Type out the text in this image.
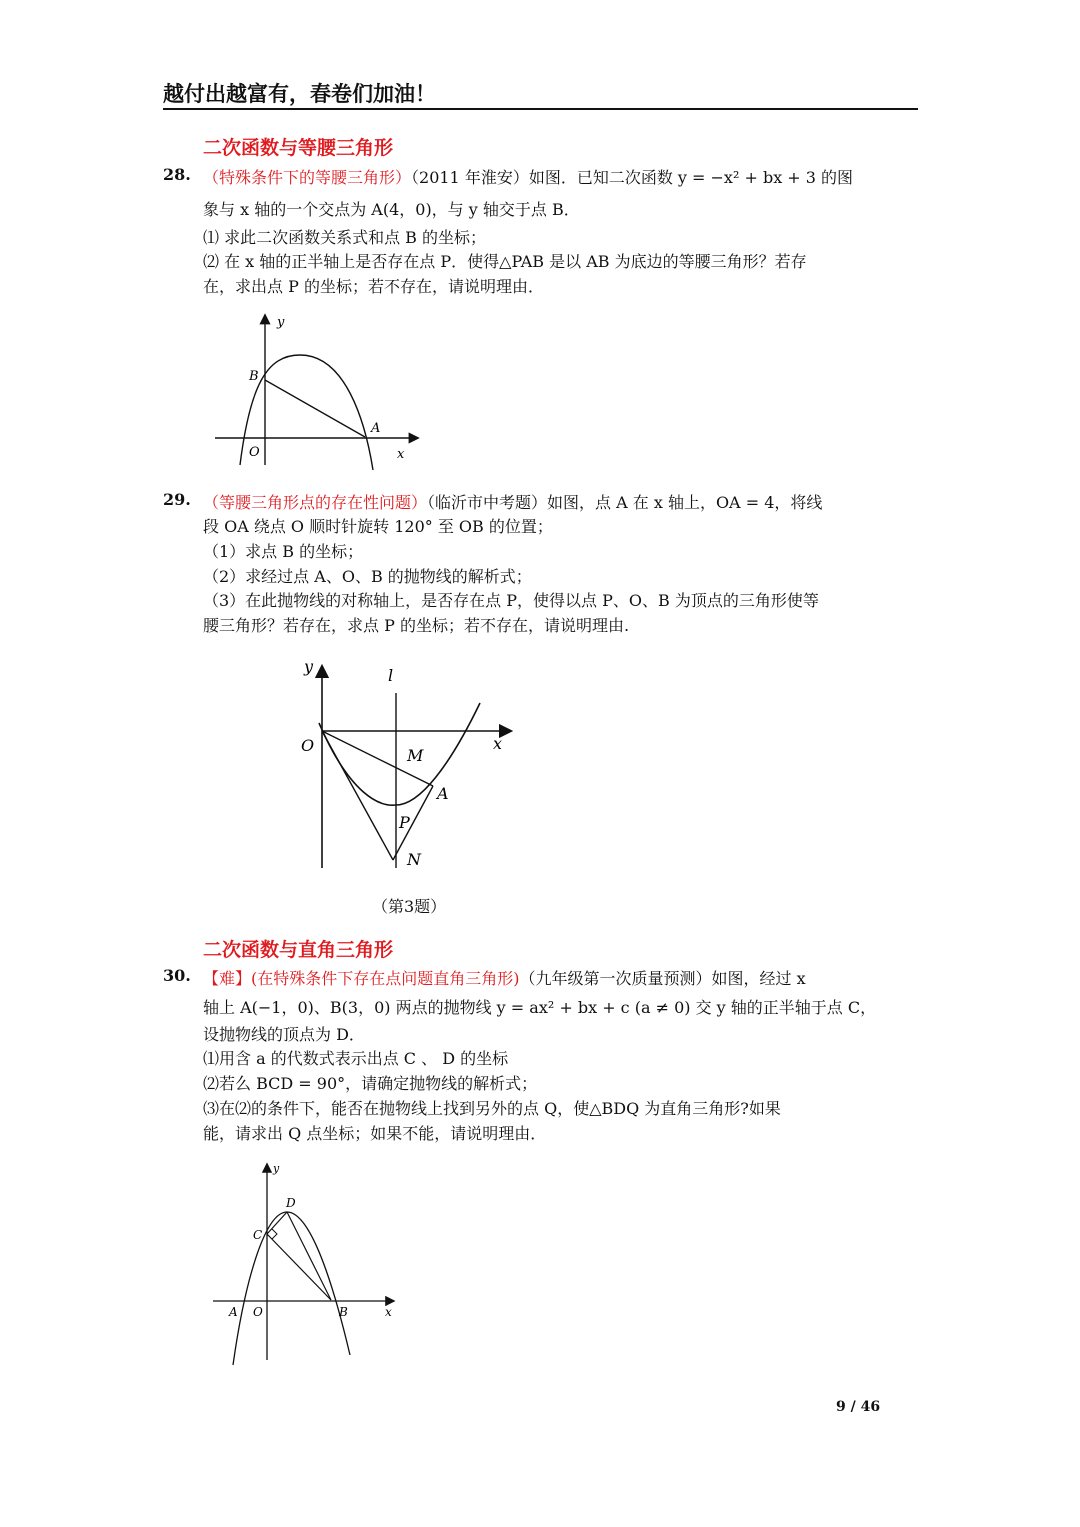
越付出越富有，春卷们加油！
二次函数与等腰三角形
28. （特殊条件下的等腰三角形）（2011 年淮安）如图．已知二次函数 y = −x² + bx + 3 的图
象与 x 轴的一个交点为 A(4，0)，与 y 轴交于点 B．
⑴ 求此二次函数关系式和点 B 的坐标；
⑵ 在 x 轴的正半轴上是否存在点 P．使得△PAB 是以 AB 为底边的等腰三角形？若存
在，求出点 P 的坐标；若不存在，请说明理由．
y
B
A
O	x
29. （等腰三角形点的存在性问题）（临沂市中考题）如图，点 A 在 x 轴上，OA = 4，将线
段 OA 绕点 O 顺时针旋转 120° 至 OB 的位置；
（1）求点 B 的坐标；
（2）求经过点 A、O、B 的抛物线的解析式；
（3）在此抛物线的对称轴上，是否存在点 P，使得以点 P、O、B 为顶点的三角形使等
腰三角形？若存在，求点 P 的坐标；若不存在，请说明理由.
y	l
O	x
M
A
P
N
（第3题）
二次函数与直角三角形
30. 【难】(在特殊条件下存在点问题直角三角形)（九年级第一次质量预测）如图，经过 x
轴上 A(−1，0)、B(3，0) 两点的抛物线 y = ax² + bx + c (a ≠ 0) 交 y 轴的正半轴于点 C，
设抛物线的顶点为 D．
⑴用含 a 的代数式表示出点 C 、 D 的坐标
⑵若么 BCD = 90°，请确定抛物线的解析式；
⑶在⑵的条件下，能否在抛物线上找到另外的点 Q，使△BDQ 为直角三角形?如果
能，请求出 Q 点坐标；如果不能，请说明理由．
y
D
C
A O	B	x
9 / 46
